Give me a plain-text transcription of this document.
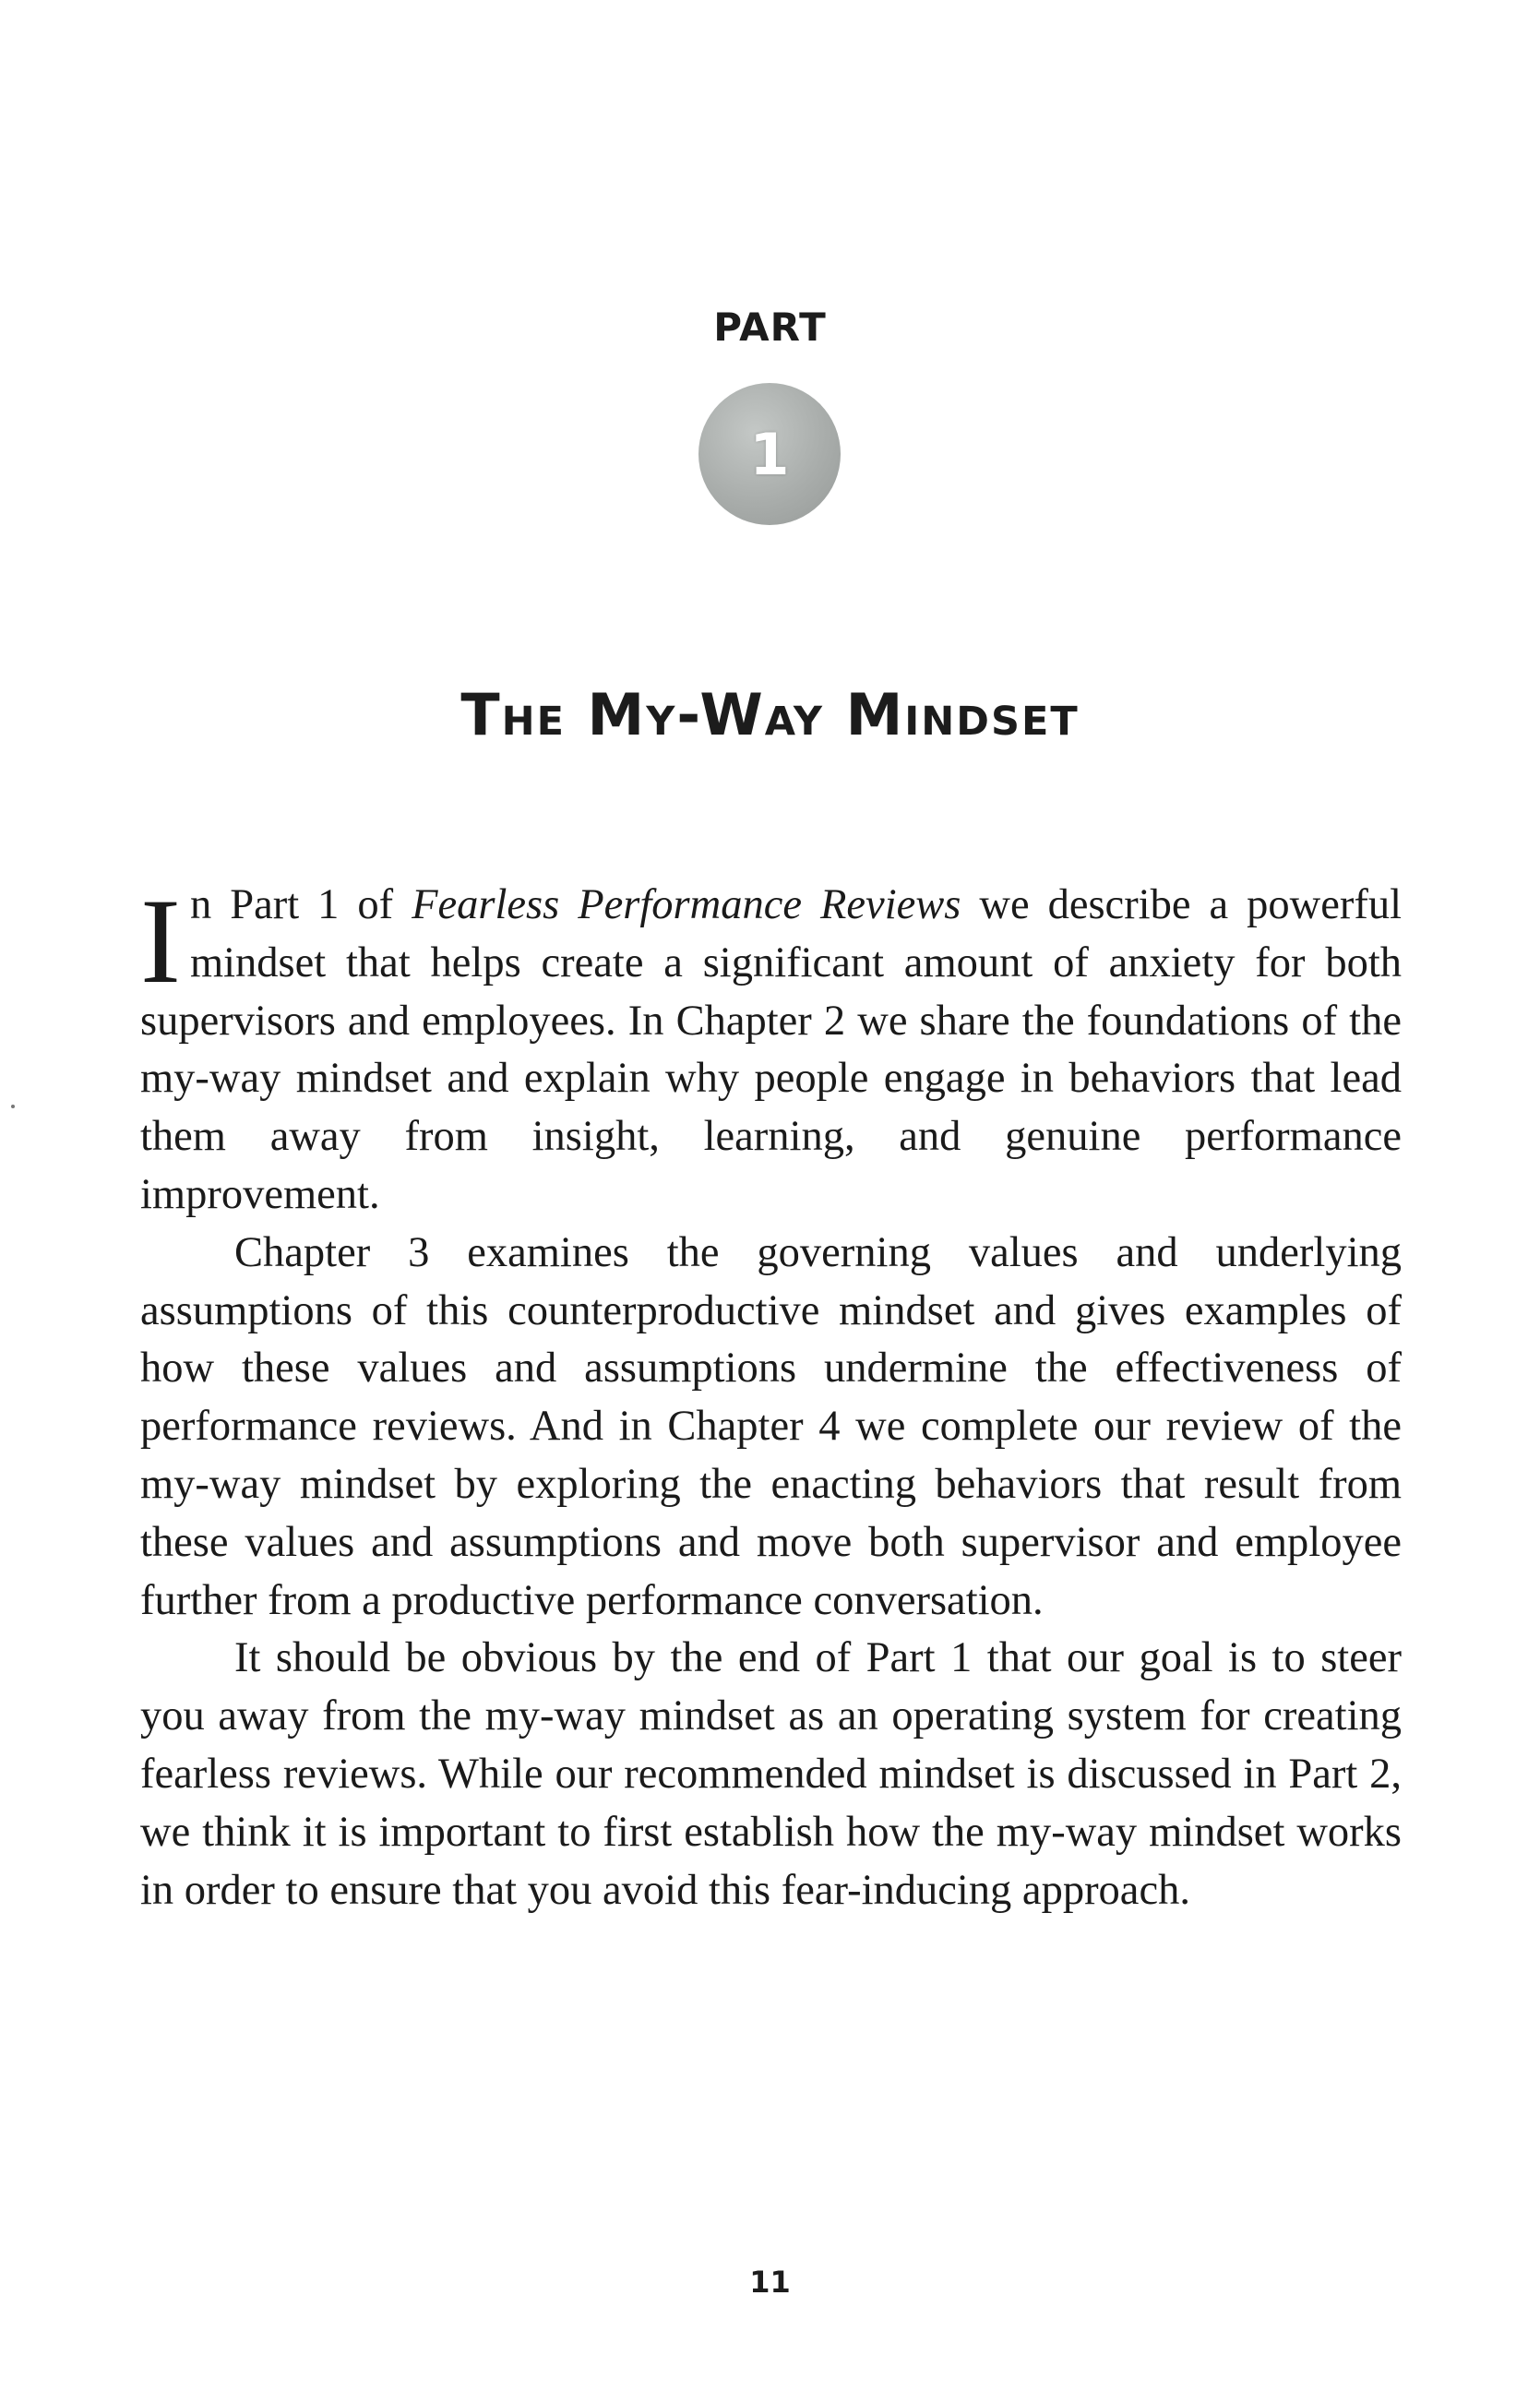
PART
1
The My-Way Mindset

In Part 1 of Fearless Performance Reviews we describe a powerful mindset that helps create a significant amount of anxiety for both supervisors and employees. In Chapter 2 we share the foundations of the my-way mindset and explain why people engage in behaviors that lead them away from insight, learning, and genuine performance improvement.

Chapter 3 examines the governing values and underlying assumptions of this counterproductive mindset and gives examples of how these values and assumptions undermine the effectiveness of performance reviews. And in Chapter 4 we complete our review of the my-way mindset by exploring the enacting behaviors that result from these values and assumptions and move both supervisor and employee further from a productive performance conversation.

It should be obvious by the end of Part 1 that our goal is to steer you away from the my-way mindset as an operating system for creating fearless reviews. While our recommended mindset is discussed in Part 2, we think it is important to first establish how the my-way mindset works in order to ensure that you avoid this fear-inducing approach.

11
